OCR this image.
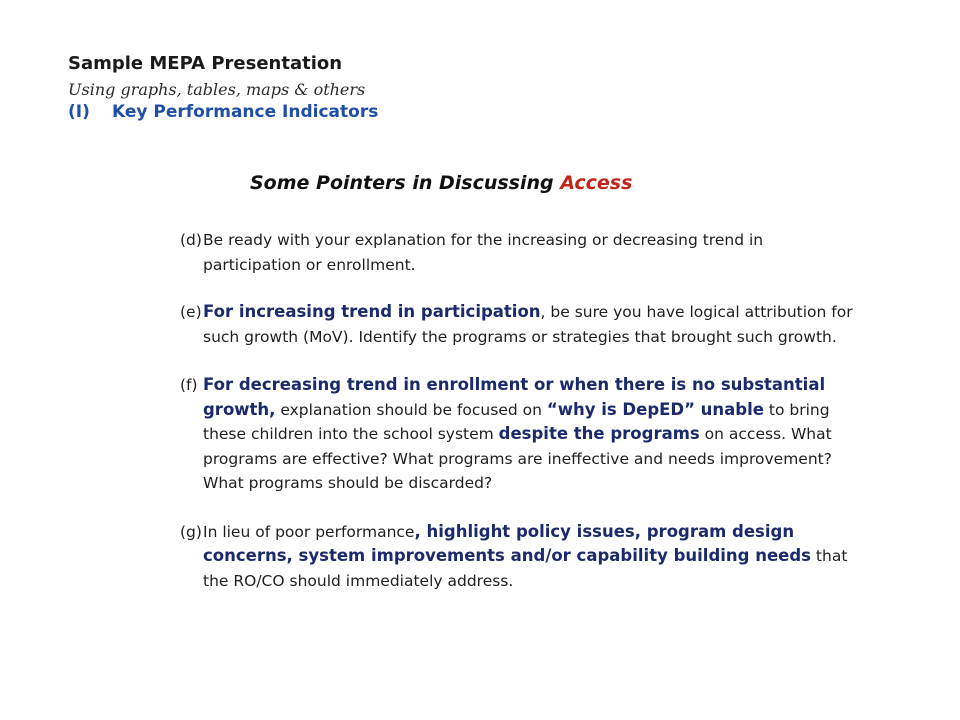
Sample MEPA Presentation
Using graphs, tables, maps & others
(I)	Key Performance Indicators
Some Pointers in Discussing Access
(d) Be ready with your explanation for the increasing or decreasing trend in participation or enrollment.
(e) For increasing trend in participation, be sure you have logical attribution for such growth (MoV). Identify the programs or strategies that brought such growth.
(f) For decreasing trend in enrollment or when there is no substantial growth, explanation should be focused on “why is DepED” unable to bring these children into the school system despite the programs on access. What programs are effective? What programs are ineffective and needs improvement? What programs should be discarded?
(g) In lieu of poor performance, highlight policy issues, program design concerns, system improvements and/or capability building needs that the RO/CO should immediately address.
